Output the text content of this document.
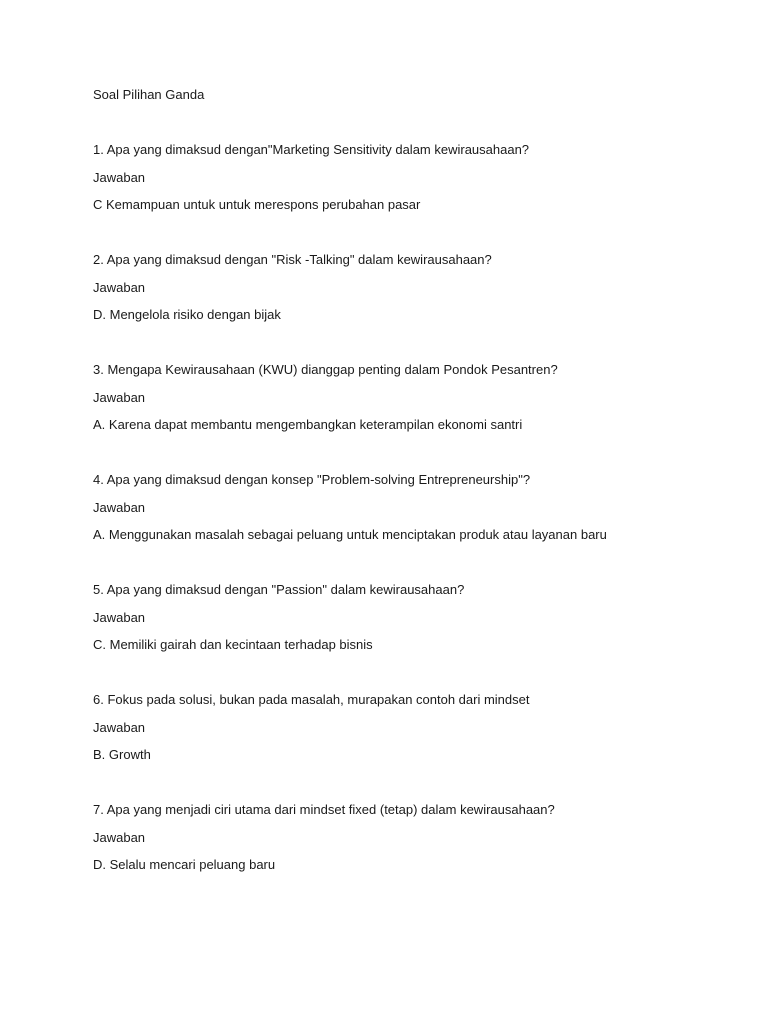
Soal Pilihan Ganda

1. Apa yang dimaksud dengan"Marketing Sensitivity dalam kewirausahaan?

Jawaban

C Kemampuan untuk untuk merespons perubahan pasar

2. Apa yang dimaksud dengan "Risk -Talking" dalam kewirausahaan?

Jawaban

D. Mengelola risiko dengan bijak

3. Mengapa Kewirausahaan (KWU) dianggap penting dalam Pondok Pesantren?

Jawaban

A. Karena dapat membantu mengembangkan keterampilan ekonomi santri

4. Apa yang dimaksud dengan konsep "Problem-solving Entrepreneurship"?

Jawaban

A. Menggunakan masalah sebagai peluang untuk menciptakan produk atau layanan baru

5. Apa yang dimaksud dengan "Passion" dalam kewirausahaan?

Jawaban

C. Memiliki gairah dan kecintaan terhadap bisnis

6. Fokus pada solusi, bukan pada masalah, murapakan contoh dari mindset

Jawaban

B. Growth

7. Apa yang menjadi ciri utama dari mindset fixed (tetap) dalam kewirausahaan?

Jawaban

D. Selalu mencari peluang baru
